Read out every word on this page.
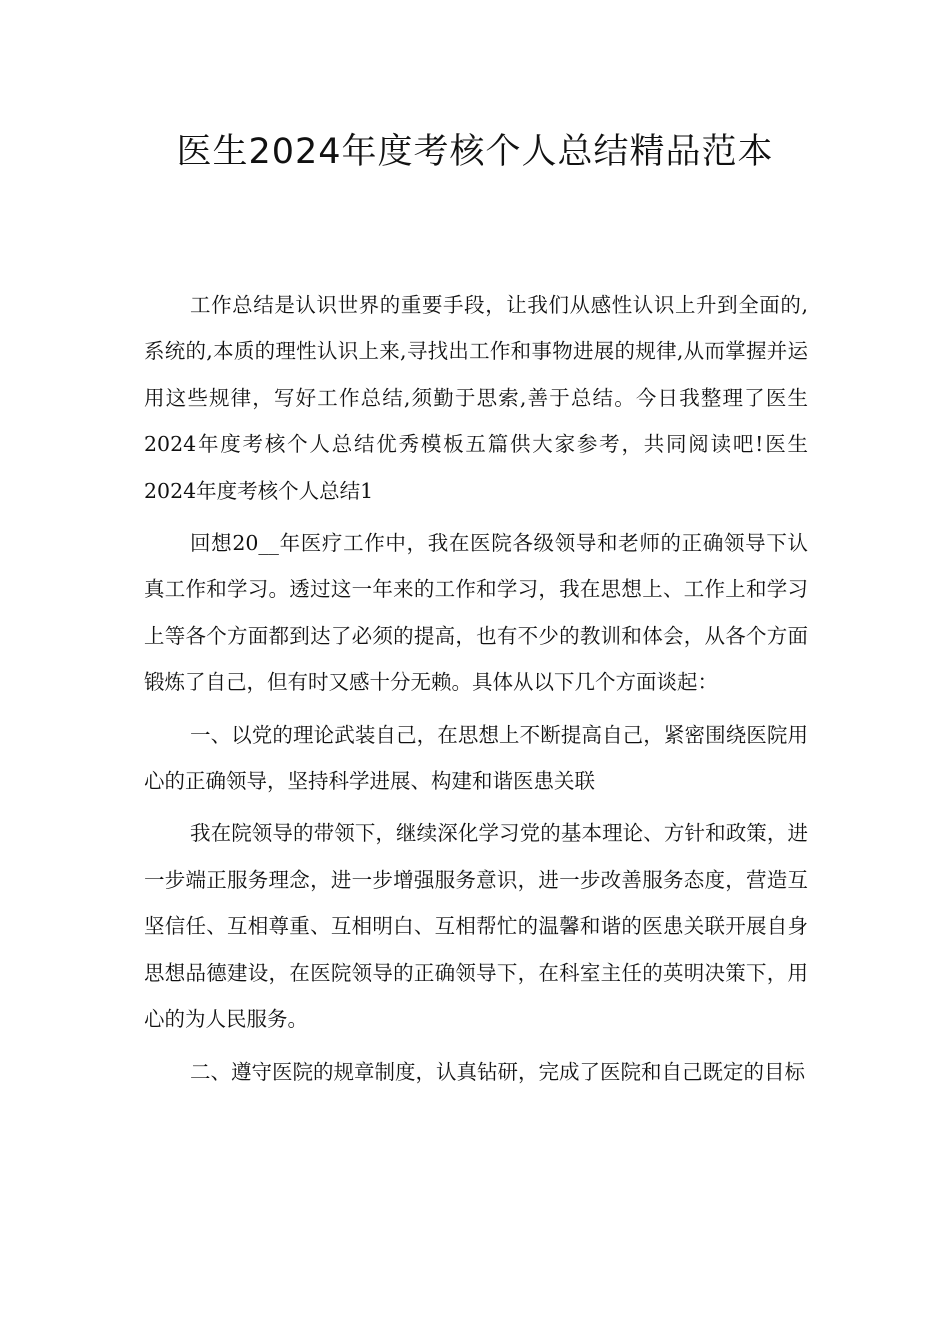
医生2024年度考核个人总结精品范本

工作总结是认识世界的重要手段，让我们从感性认识上升到全面的,系统的,本质的理性认识上来,寻找出工作和事物进展的规律,从而掌握并运用这些规律，写好工作总结,须勤于思索,善于总结。今日我整理了医生2024年度考核个人总结优秀模板五篇供大家参考，共同阅读吧!医生2024年度考核个人总结1

回想20__年医疗工作中，我在医院各级领导和老师的正确领导下认真工作和学习。透过这一年来的工作和学习，我在思想上、工作上和学习上等各个方面都到达了必须的提高，也有不少的教训和体会，从各个方面锻炼了自己，但有时又感十分无赖。具体从以下几个方面谈起：

一、以党的理论武装自己，在思想上不断提高自己，紧密围绕医院用心的正确领导，坚持科学进展、构建和谐医患关联

我在院领导的带领下，继续深化学习党的基本理论、方针和政策，进一步端正服务理念，进一步增强服务意识，进一步改善服务态度，营造互坚信任、互相尊重、互相明白、互相帮忙的温馨和谐的医患关联开展自身思想品德建设，在医院领导的正确领导下，在科室主任的英明决策下，用心的为人民服务。

二、遵守医院的规章制度，认真钻研，完成了医院和自己既定的目标
